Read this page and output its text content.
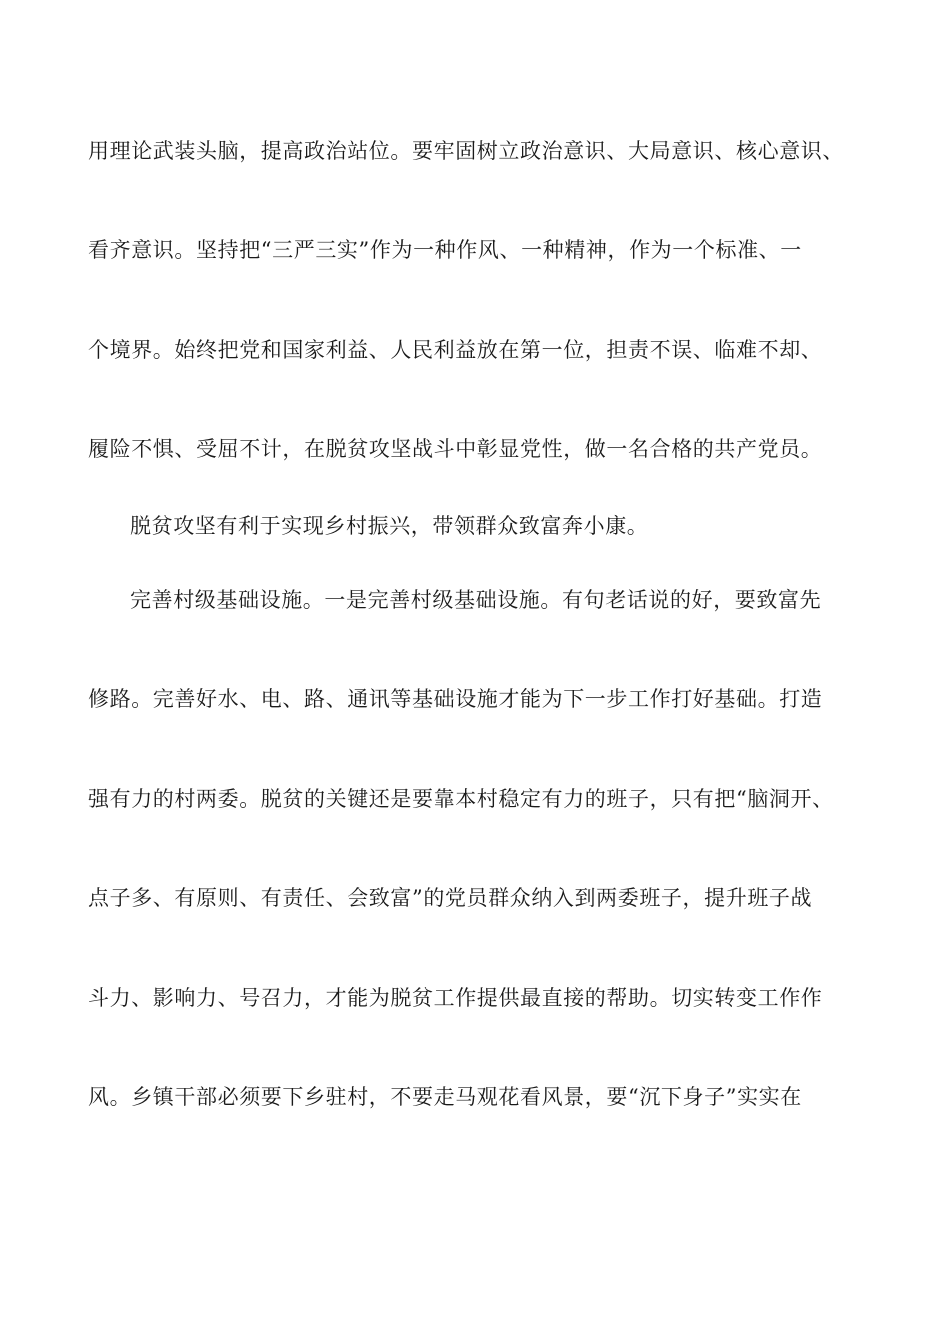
用理论武装头脑，提高政治站位。要牢固树立政治意识、大局意识、核心意识、
看齐意识。坚持把“三严三实”作为一种作风、一种精神，作为一个标准、一
个境界。始终把党和国家利益、人民利益放在第一位，担责不误、临难不却、
履险不惧、受屈不计，在脱贫攻坚战斗中彰显党性，做一名合格的共产党员。
脱贫攻坚有利于实现乡村振兴，带领群众致富奔小康。
完善村级基础设施。一是完善村级基础设施。有句老话说的好，要致富先
修路。完善好水、电、路、通讯等基础设施才能为下一步工作打好基础。打造
强有力的村两委。脱贫的关键还是要靠本村稳定有力的班子，只有把“脑洞开、
点子多、有原则、有责任、会致富”的党员群众纳入到两委班子，提升班子战
斗力、影响力、号召力，才能为脱贫工作提供最直接的帮助。切实转变工作作
风。乡镇干部必须要下乡驻村，不要走马观花看风景，要“沉下身子”实实在
